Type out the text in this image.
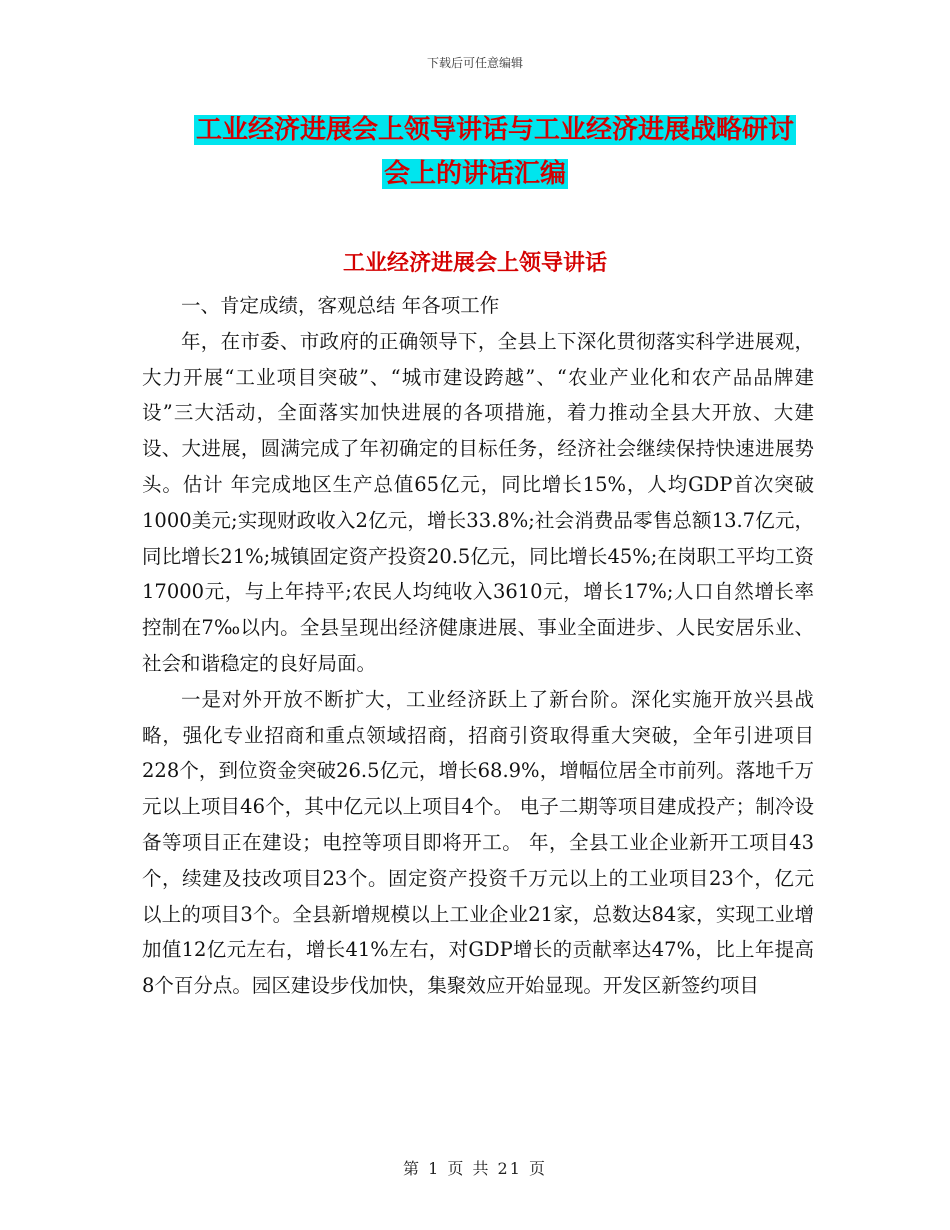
下载后可任意编辑
工业经济进展会上领导讲话与工业经济进展战略研讨
会上的讲话汇编
工业经济进展会上领导讲话

一、肯定成绩，客观总结 年各项工作

年，在市委、市政府的正确领导下，全县上下深化贯彻落实科学进展观，大力开展“工业项目突破”、“城市建设跨越”、“农业产业化和农产品品牌建设”三大活动，全面落实加快进展的各项措施，着力推动全县大开放、大建设、大进展，圆满完成了年初确定的目标任务，经济社会继续保持快速进展势头。估计 年完成地区生产总值65亿元，同比增长15%，人均GDP首次突破1000美元;实现财政收入2亿元，增长33.8%;社会消费品零售总额13.7亿元，同比增长21%;城镇固定资产投资20.5亿元，同比增长45%;在岗职工平均工资17000元，与上年持平;农民人均纯收入3610元，增长17%;人口自然增长率控制在7‰以内。全县呈现出经济健康进展、事业全面进步、人民安居乐业、社会和谐稳定的良好局面。

一是对外开放不断扩大，工业经济跃上了新台阶。深化实施开放兴县战略，强化专业招商和重点领域招商，招商引资取得重大突破，全年引进项目228个，到位资金突破26.5亿元，增长68.9%，增幅位居全市前列。落地千万元以上项目46个，其中亿元以上项目4个。 电子二期等项目建成投产；制冷设备等项目正在建设；电控等项目即将开工。 年，全县工业企业新开工项目43个，续建及技改项目23个。固定资产投资千万元以上的工业项目23个，亿元以上的项目3个。全县新增规模以上工业企业21家，总数达84家，实现工业增加值12亿元左右，增长41%左右，对GDP增长的贡献率达47%，比上年提高8个百分点。园区建设步伐加快，集聚效应开始显现。开发区新签约项目

第 1 页 共 21 页
